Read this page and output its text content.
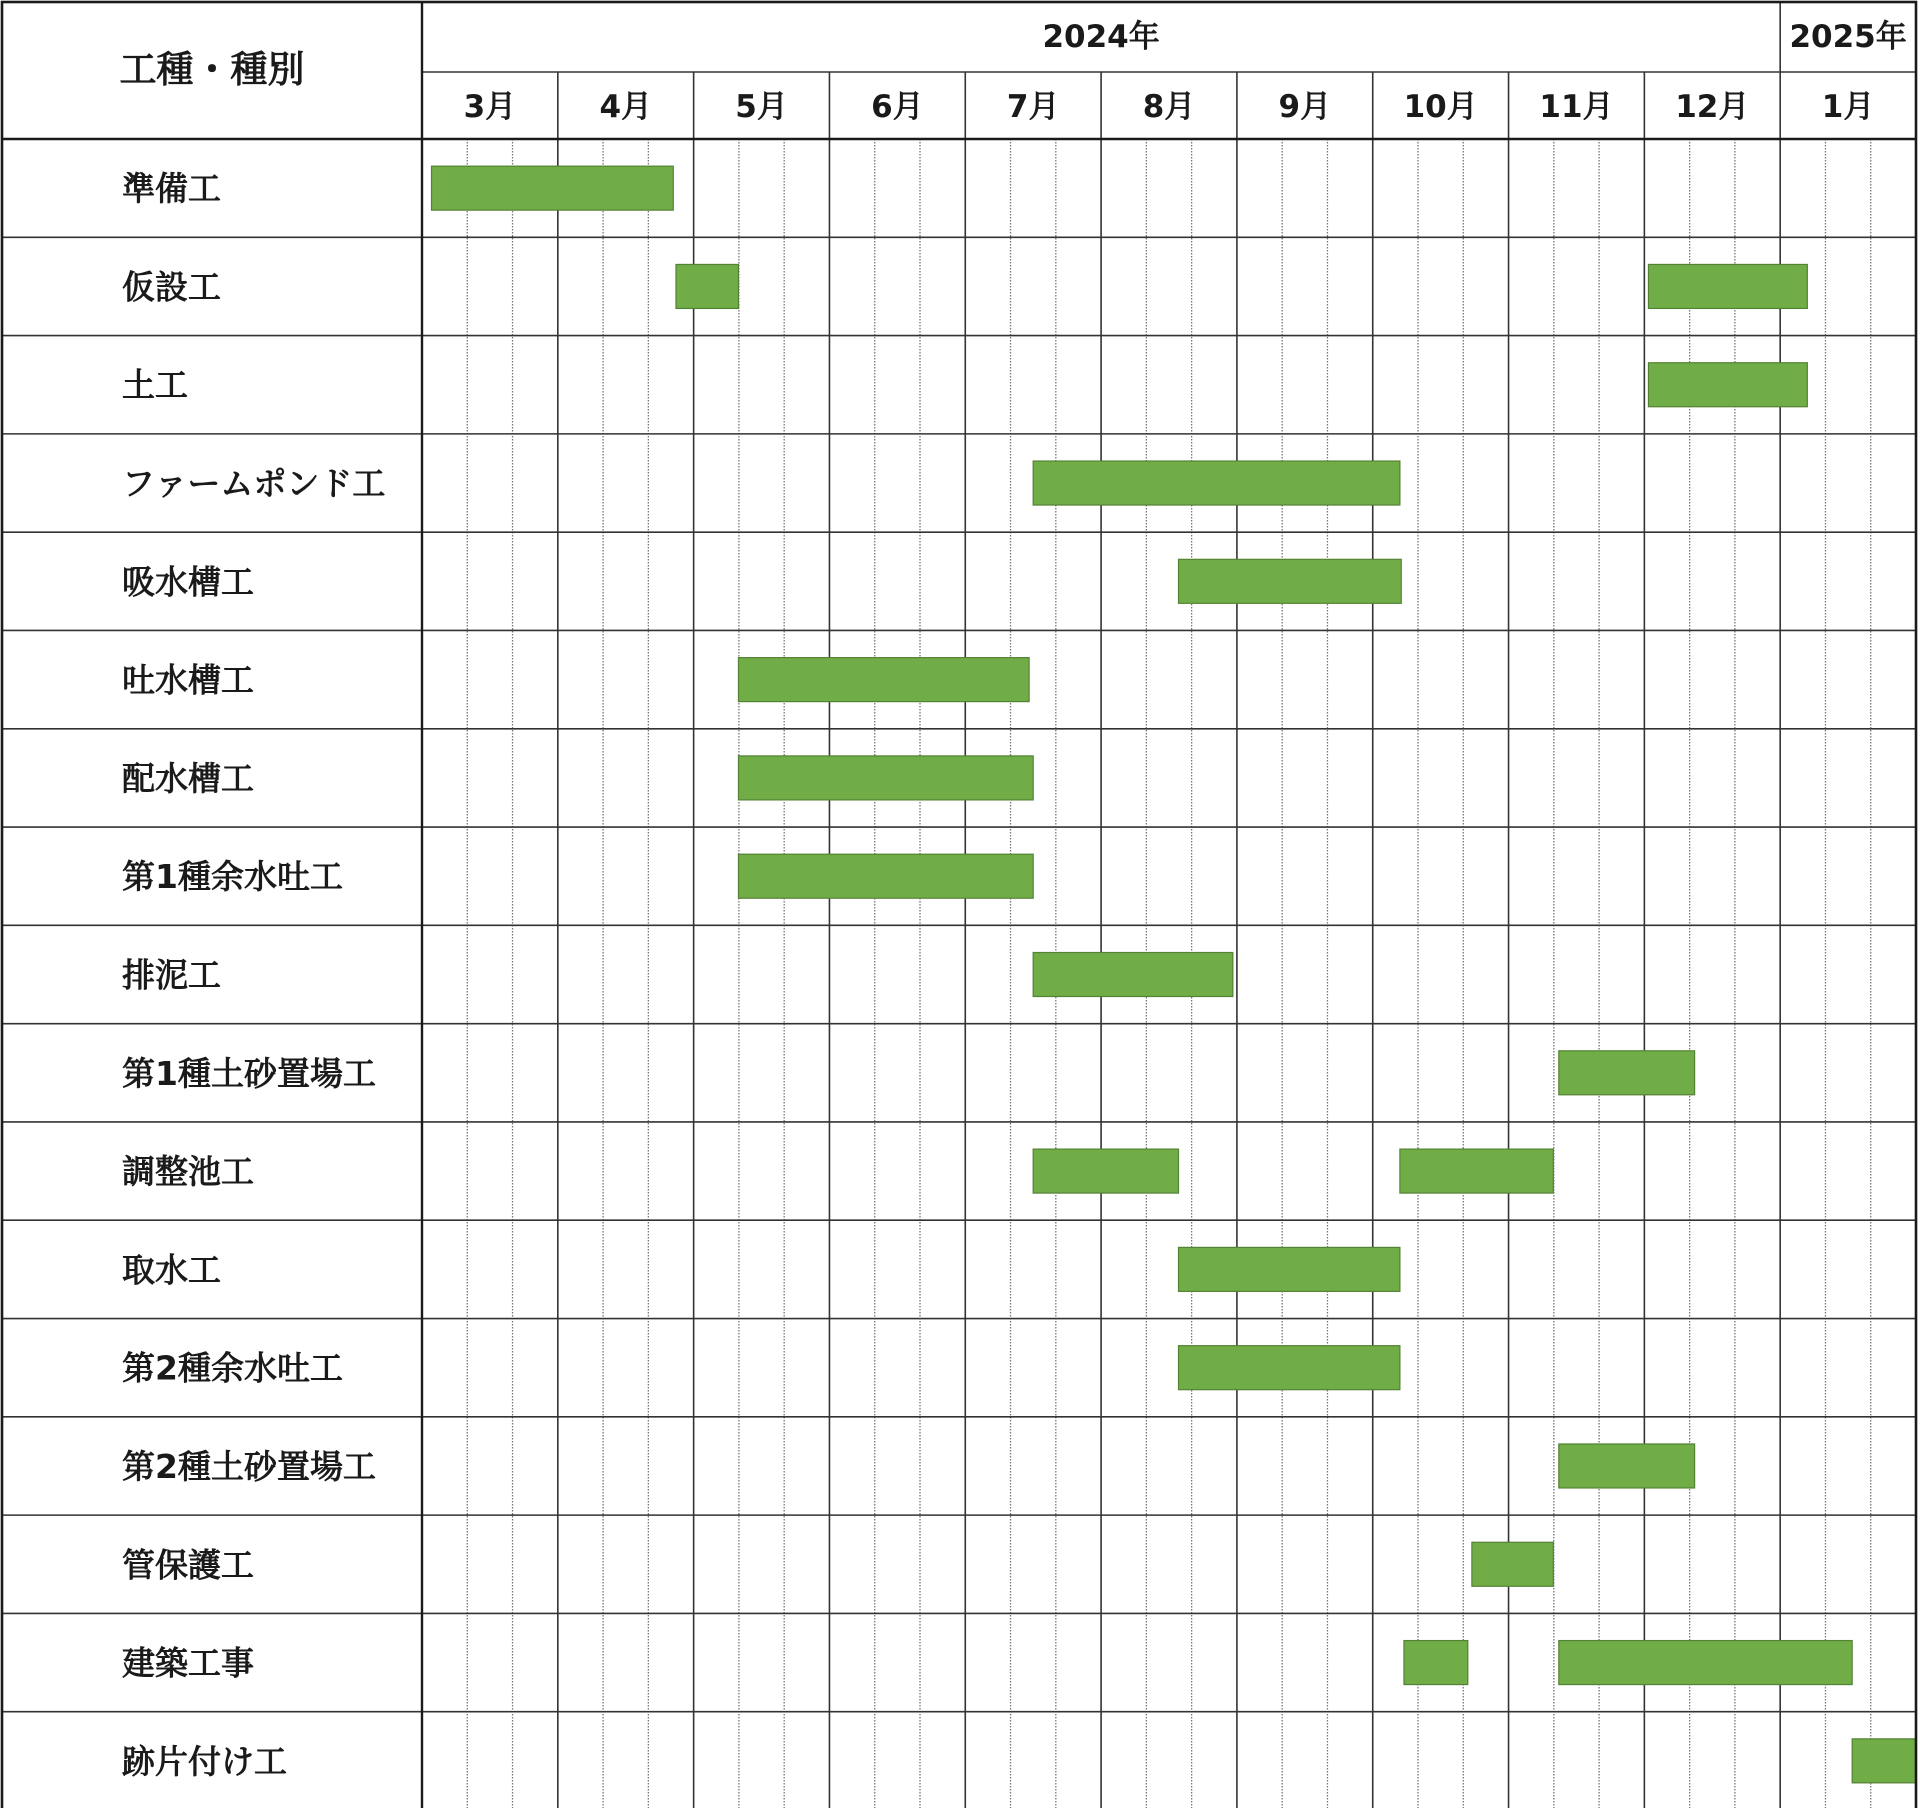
工種・種別
2024年	2025年
3月	4月	5月	6月	7月	8月	9月 10月 11月 12月 1月
準備工
仮設工
土工
ファームポンド工
吸水槽工
吐水槽工
配水槽工
第1種余水吐工
排泥工
第1種土砂置場工
調整池工
取水工
第2種余水吐工
第2種土砂置場工
管保護工
建築工事
跡片付け工
